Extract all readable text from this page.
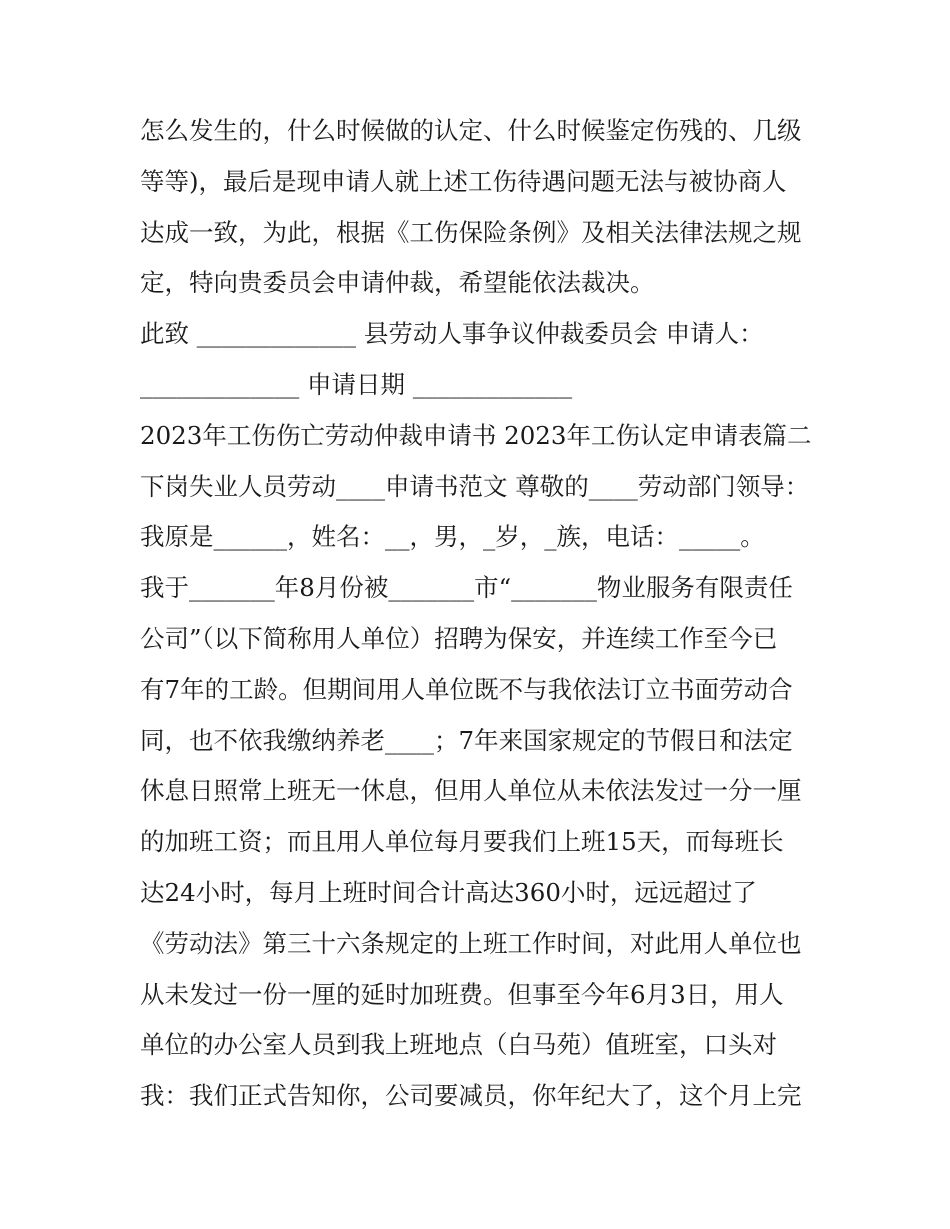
怎么发生的，什么时候做的认定、什么时候鉴定伤残的、几级
等等)，最后是现申请人就上述工伤待遇问题无法与被协商人
达成一致，为此，根据《工伤保险条例》及相关法律法规之规
定，特向贵委员会申请仲裁，希望能依法裁决。
此致 _____________ 县劳动人事争议仲裁委员会 申请人：
_____________ 申请日期 _____________
2023年工伤伤亡劳动仲裁申请书 2023年工伤认定申请表篇二
下岗失业人员劳动____申请书范文 尊敬的____劳动部门领导：
我原是______，姓名：__，男，_岁，_族，电话：_____。
我于_______年8月份被_______市“_______物业服务有限责任
公司”（以下简称用人单位）招聘为保安，并连续工作至今已
有7年的工龄。但期间用人单位既不与我依法订立书面劳动合
同，也不依我缴纳养老____；7年来国家规定的节假日和法定
休息日照常上班无一休息，但用人单位从未依法发过一分一厘
的加班工资；而且用人单位每月要我们上班15天，而每班长
达24小时，每月上班时间合计高达360小时，远远超过了
《劳动法》第三十六条规定的上班工作时间，对此用人单位也
从未发过一份一厘的延时加班费。但事至今年6月3日，用人
单位的办公室人员到我上班地点（白马苑）值班室，口头对
我：我们正式告知你，公司要减员，你年纪大了，这个月上完
